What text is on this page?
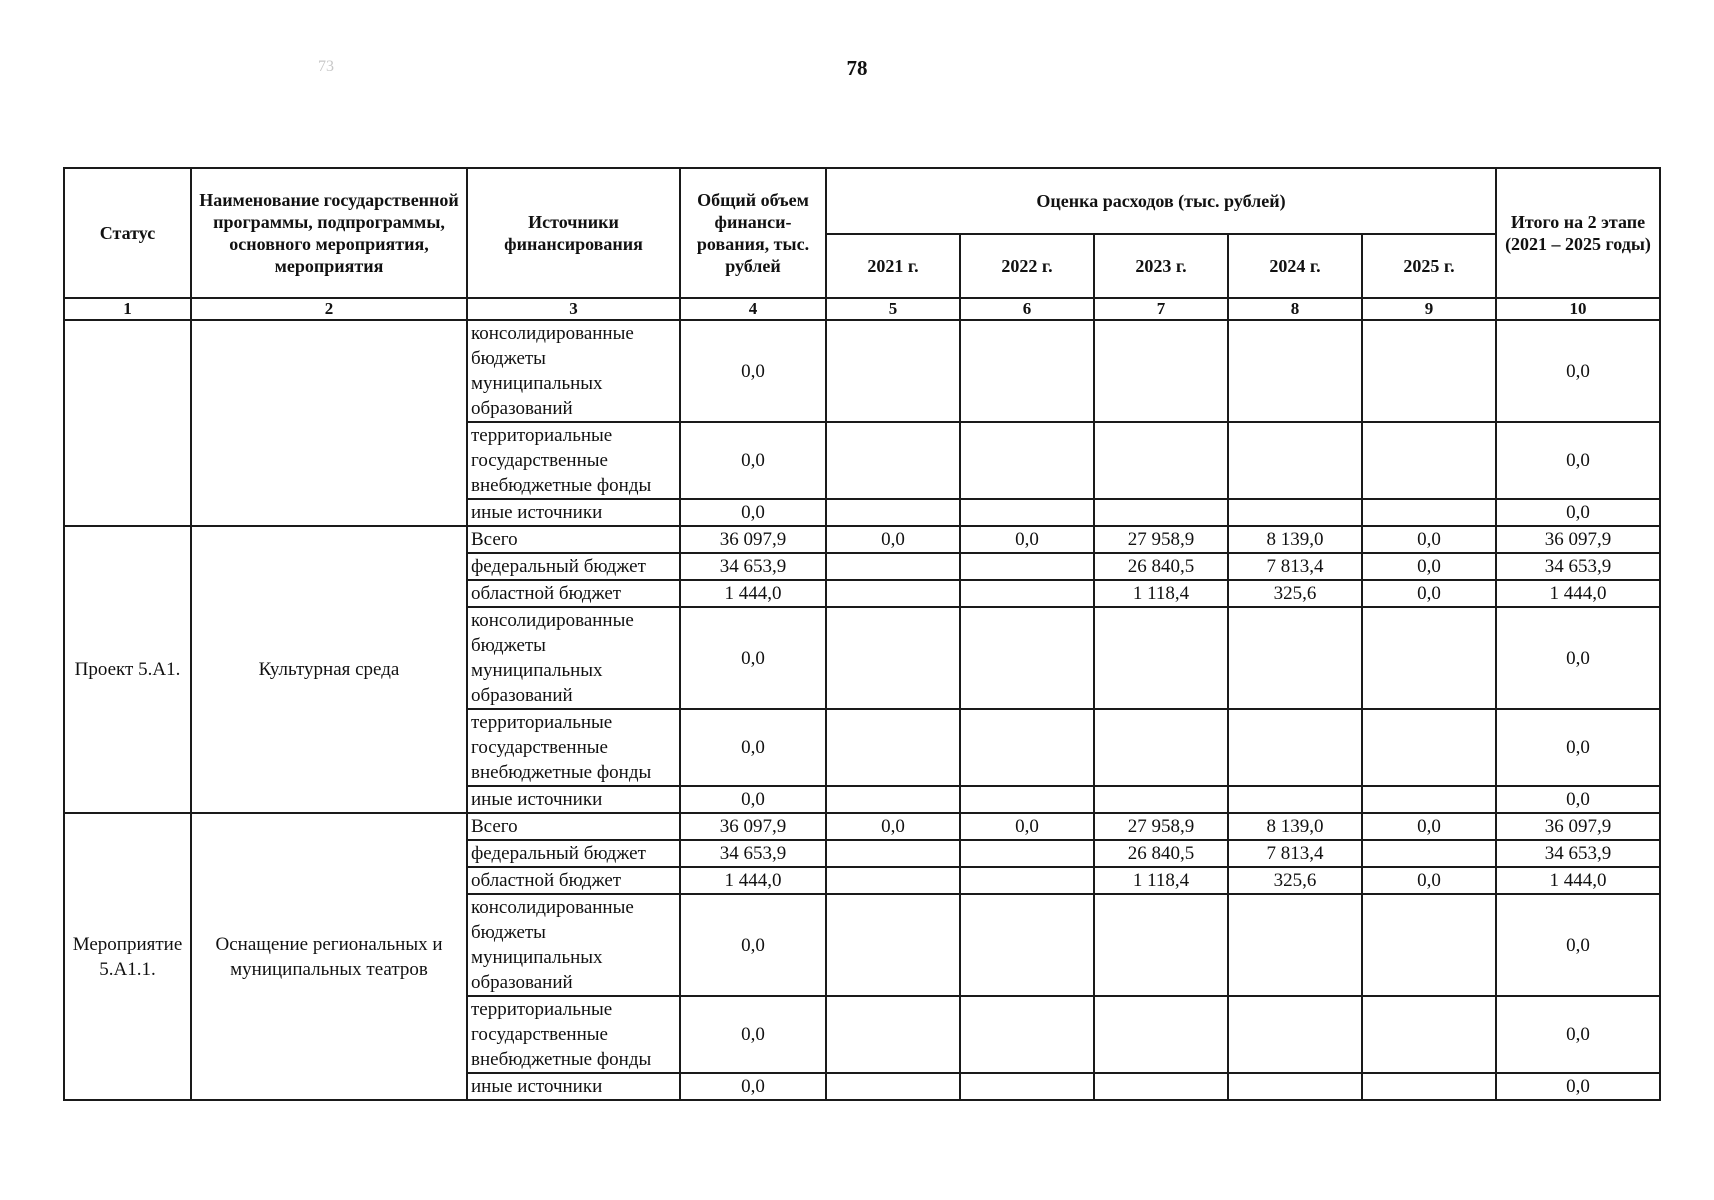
73	78
Статус	Наименование государственной программы, подпрограммы, основного мероприятия, мероприятия	Источники финансирования	Общий объем финанси-рования, тыс. рублей	Оценка расходов (тыс. рублей)					Итого на 2 этапе (2021 – 2025 годы)
				2021 г.	2022 г.	2023 г.	2024 г.	2025 г.	
1	2	3	4	5	6	7	8	9	10
		консолидированные бюджеты муниципальных образований	0,0						0,0
		территориальные государственные внебюджетные фонды	0,0						0,0
		иные источники	0,0						0,0
Проект 5.А1.	Культурная среда	Всего	36 097,9	0,0	0,0	27 958,9	8 139,0	0,0	36 097,9
		федеральный бюджет	34 653,9			26 840,5	7 813,4	0,0	34 653,9
		областной бюджет	1 444,0			1 118,4	325,6	0,0	1 444,0
		консолидированные бюджеты муниципальных образований	0,0						0,0
		территориальные государственные внебюджетные фонды	0,0						0,0
		иные источники	0,0						0,0
Мероприятие 5.А1.1.	Оснащение региональных и муниципальных театров	Всего	36 097,9	0,0	0,0	27 958,9	8 139,0	0,0	36 097,9
		федеральный бюджет	34 653,9			26 840,5	7 813,4		34 653,9
		областной бюджет	1 444,0			1 118,4	325,6	0,0	1 444,0
		консолидированные бюджеты муниципальных образований	0,0						0,0
		территориальные государственные внебюджетные фонды	0,0						0,0
		иные источники	0,0						0,0
